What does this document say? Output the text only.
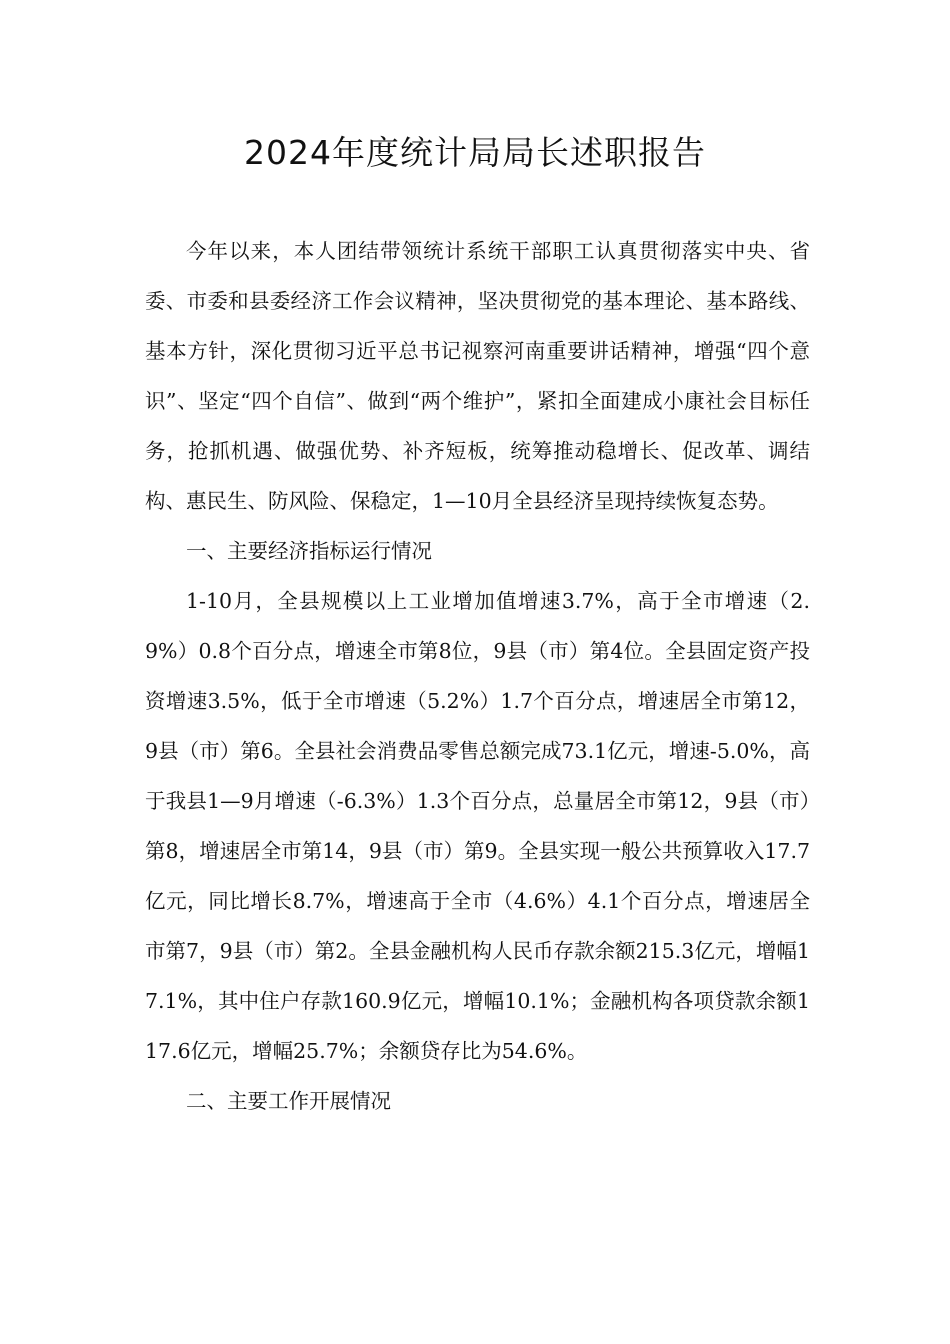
2024年度统计局局长述职报告

今年以来，本人团结带领统计系统干部职工认真贯彻落实中央、省委、市委和县委经济工作会议精神，坚决贯彻党的基本理论、基本路线、基本方针，深化贯彻习近平总书记视察河南重要讲话精神，增强“四个意识”、坚定“四个自信”、做到“两个维护”，紧扣全面建成小康社会目标任务，抢抓机遇、做强优势、补齐短板，统筹推动稳增长、促改革、调结构、惠民生、防风险、保稳定，1—10月全县经济呈现持续恢复态势。

一、主要经济指标运行情况

1-10月，全县规模以上工业增加值增速3.7%，高于全市增速（2.9%）0.8个百分点，增速全市第8位，9县（市）第4位。全县固定资产投资增速3.5%，低于全市增速（5.2%）1.7个百分点，增速居全市第12，9县（市）第6。全县社会消费品零售总额完成73.1亿元，增速-5.0%，高于我县1—9月增速（-6.3%）1.3个百分点，总量居全市第12，9县（市）第8，增速居全市第14，9县（市）第9。全县实现一般公共预算收入17.7亿元，同比增长8.7%，增速高于全市（4.6%）4.1个百分点，增速居全市第7，9县（市）第2。全县金融机构人民币存款余额215.3亿元，增幅17.1%，其中住户存款160.9亿元，增幅10.1%；金融机构各项贷款余额117.6亿元，增幅25.7%；余额贷存比为54.6%。

二、主要工作开展情况
